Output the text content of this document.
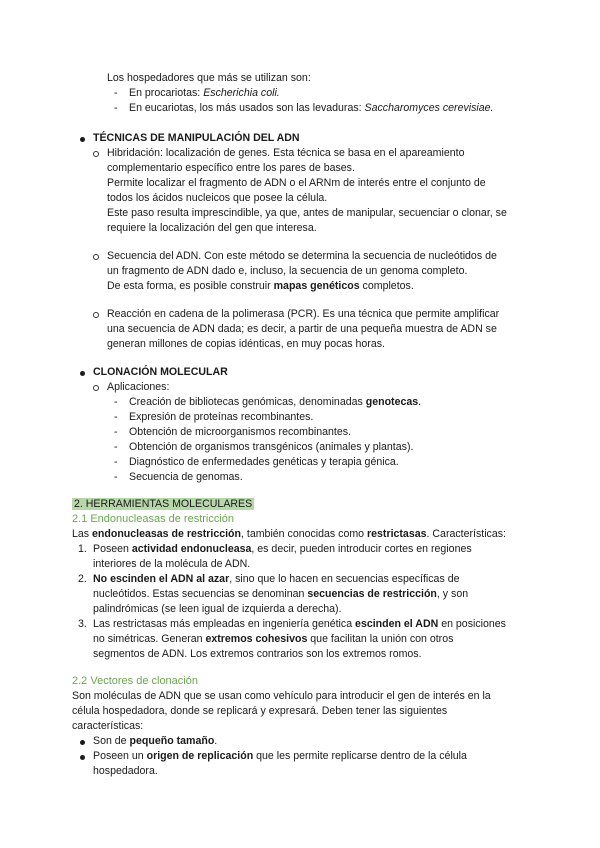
Los hospedadores que más se utilizan son:
- En procariotas: Escherichia coli.
- En eucariotas, los más usados son las levaduras: Saccharomyces cerevisiae.
TÉCNICAS DE MANIPULACIÓN DEL ADN
Hibridación: localización de genes. Esta técnica se basa en el apareamiento
complementario específico entre los pares de bases.
Permite localizar el fragmento de ADN o el ARNm de interés entre el conjunto de
todos los ácidos nucleicos que posee la célula.
Este paso resulta imprescindible, ya que, antes de manipular, secuenciar o clonar, se
requiere la localización del gen que interesa.
Secuencia del ADN. Con este método se determina la secuencia de nucleótidos de
un fragmento de ADN dado e, incluso, la secuencia de un genoma completo.
De esta forma, es posible construir mapas genéticos completos.
Reacción en cadena de la polimerasa (PCR). Es una técnica que permite amplificar
una secuencia de ADN dada; es decir, a partir de una pequeña muestra de ADN se
generan millones de copias idénticas, en muy pocas horas.
CLONACIÓN MOLECULAR
Aplicaciones:
- Creación de bibliotecas genómicas, denominadas genotecas.
- Expresión de proteínas recombinantes.
- Obtención de microorganismos recombinantes.
- Obtención de organismos transgénicos (animales y plantas).
- Diagnóstico de enfermedades genéticas y terapia génica.
- Secuencia de genomas.
2. HERRAMIENTAS MOLECULARES
2.1 Endonucleasas de restricción
Las endonucleasas de restricción, también conocidas como restrictasas. Características:
1. Poseen actividad endonucleasa, es decir, pueden introducir cortes en regiones
interiores de la molécula de ADN.
2. No escinden el ADN al azar, sino que lo hacen en secuencias específicas de
nucleótidos. Estas secuencias se denominan secuencias de restricción, y son
palindrómicas (se leen igual de izquierda a derecha).
3. Las restrictasas más empleadas en ingeniería genética escinden el ADN en posiciones
no simétricas. Generan extremos cohesivos que facilitan la unión con otros
segmentos de ADN. Los extremos contrarios son los extremos romos.
2.2 Vectores de clonación
Son moléculas de ADN que se usan como vehículo para introducir el gen de interés en la
célula hospedadora, donde se replicará y expresará. Deben tener las siguientes
características:
Son de pequeño tamaño.
Poseen un origen de replicación que les permite replicarse dentro de la célula
hospedadora.
